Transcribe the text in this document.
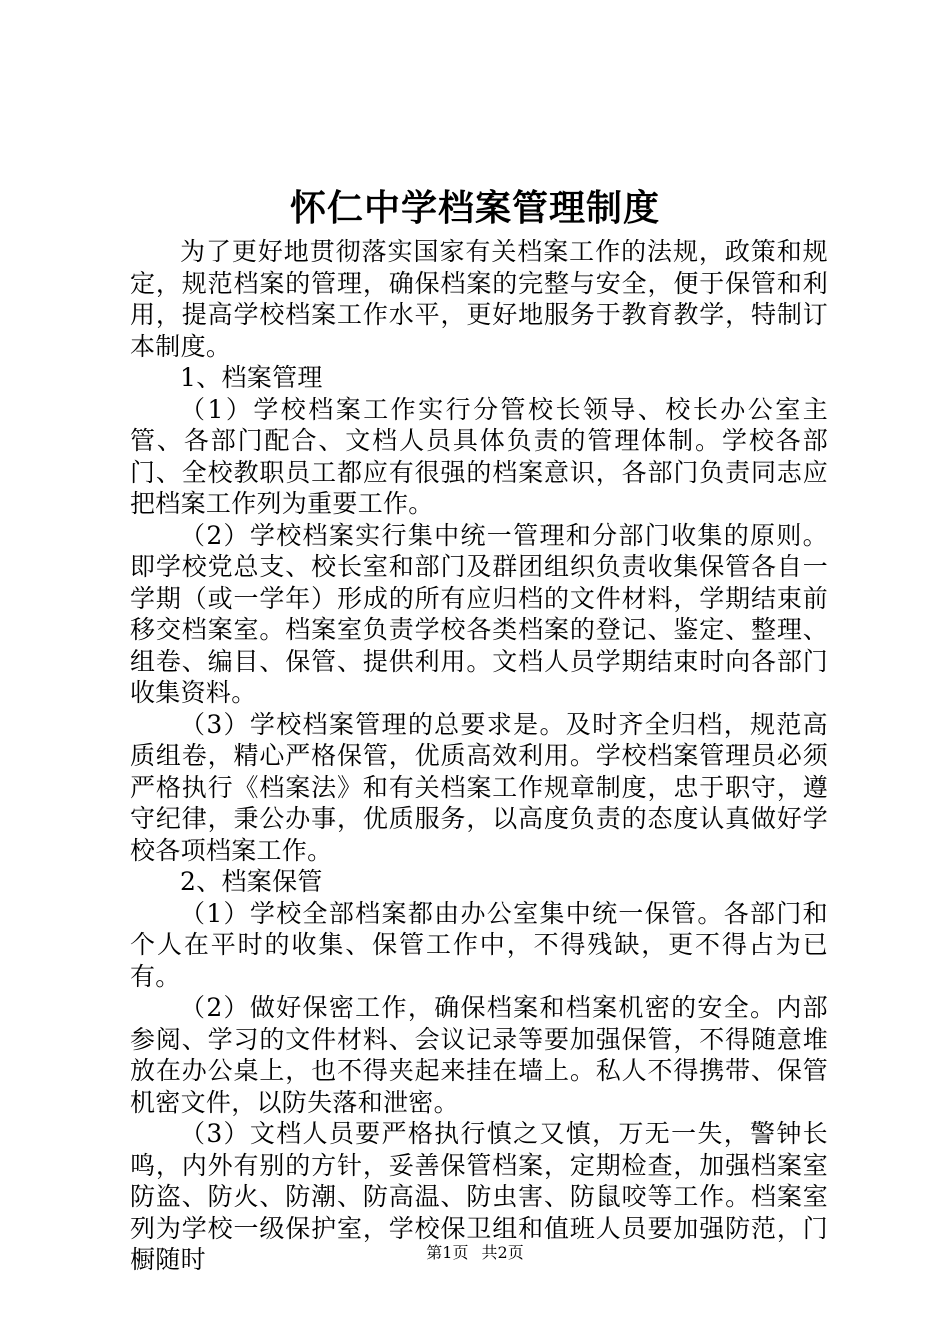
怀仁中学档案管理制度

为了更好地贯彻落实国家有关档案工作的法规，政策和规定，规范档案的管理，确保档案的完整与安全，便于保管和利用，提高学校档案工作水平，更好地服务于教育教学，特制订本制度。

1、档案管理

（1）学校档案工作实行分管校长领导、校长办公室主管、各部门配合、文档人员具体负责的管理体制。学校各部门、全校教职员工都应有很强的档案意识，各部门负责同志应把档案工作列为重要工作。

（2）学校档案实行集中统一管理和分部门收集的原则。即学校党总支、校长室和部门及群团组织负责收集保管各自一学期（或一学年）形成的所有应归档的文件材料，学期结束前移交档案室。档案室负责学校各类档案的登记、鉴定、整理、组卷、编目、保管、提供利用。文档人员学期结束时向各部门收集资料。

（3）学校档案管理的总要求是。及时齐全归档，规范高质组卷，精心严格保管，优质高效利用。学校档案管理员必须严格执行《档案法》和有关档案工作规章制度，忠于职守，遵守纪律，秉公办事，优质服务，以高度负责的态度认真做好学校各项档案工作。

2、档案保管

（1）学校全部档案都由办公室集中统一保管。各部门和个人在平时的收集、保管工作中，不得残缺，更不得占为已有。

（2）做好保密工作，确保档案和档案机密的安全。内部参阅、学习的文件材料、会议记录等要加强保管，不得随意堆放在办公桌上，也不得夹起来挂在墙上。私人不得携带、保管机密文件，以防失落和泄密。

（3）文档人员要严格执行慎之又慎，万无一失，警钟长鸣，内外有别的方针，妥善保管档案，定期检查，加强档案室防盗、防火、防潮、防高温、防虫害、防鼠咬等工作。档案室列为学校一级保护室，学校保卫组和值班人员要加强防范，门橱随时	第1页 共2页
